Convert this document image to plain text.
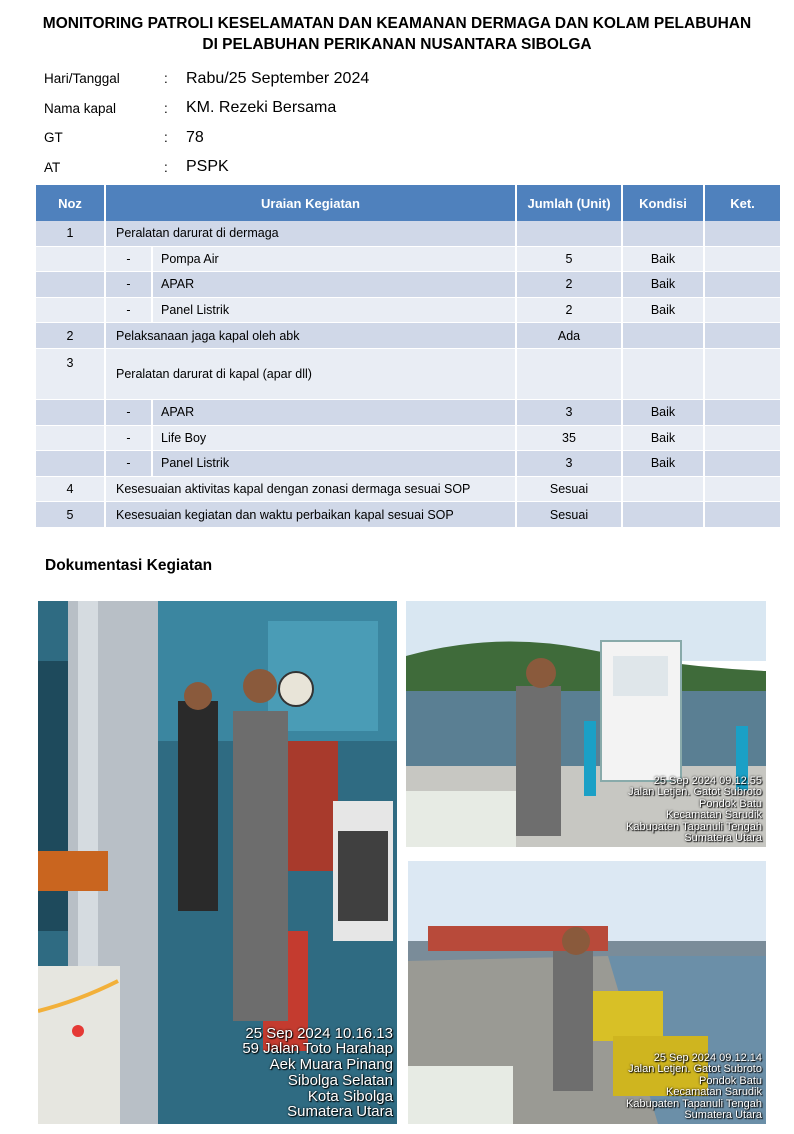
MONITORING PATROLI KESELAMATAN DAN KEAMANAN DERMAGA DAN KOLAM PELABUHAN
DI PELABUHAN PERIKANAN NUSANTARA SIBOLGA
Hari/Tanggal	:	Rabu/25 September 2024
Nama kapal	:	KM. Rezeki Bersama
GT	:	78
AT	:	PSPK
Noz	Uraian Kegiatan		Jumlah (Unit)	Kondisi	Ket.
1	Peralatan darurat di dermaga				
	-	Pompa Air	5	Baik	
	-	APAR	2	Baik	
	-	Panel Listrik	2	Baik	
2	Pelaksanaan jaga kapal oleh abk		Ada		
3	Peralatan darurat di kapal (apar dll)				
	-	APAR	3	Baik	
	-	Life Boy	35	Baik	
	-	Panel Listrik	3	Baik	
4	Kesesuaian aktivitas kapal dengan zonasi dermaga sesuai SOP		Sesuai		
5	Kesesuaian kegiatan dan waktu perbaikan kapal sesuai SOP		Sesuai		
Dokumentasi Kegiatan
25 Sep 2024 10.16.13
59 Jalan Toto Harahap
Aek Muara Pinang
Sibolga Selatan
Kota Sibolga
Sumatera Utara
25 Sep 2024 09.12.55
Jalan Letjen. Gatot Subroto
Pondok Batu
Kecamatan Sarudik
Kabupaten Tapanuli Tengah
Sumatera Utara
25 Sep 2024 09.12.14
Jalan Letjen. Gatot Subroto
Pondok Batu
Kecamatan Sarudik
Kabupaten Tapanuli Tengah
Sumatera Utara
